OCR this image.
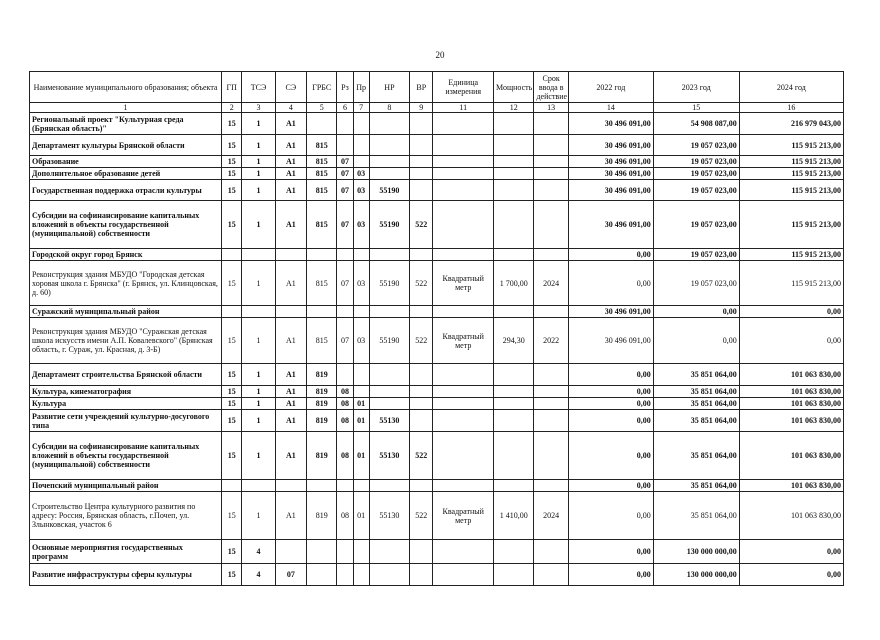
20
Наименование муниципального образования; объекта	ГП	ТСЭ	СЭ	ГРБС	Рз	Пр	НР	ВР	Единица измерения	Мощность	Срок ввода в действие	2022 год	2023 год	2024 год
1	2	3	4	5	6	7	8	9	11	12	13	14	15	16
Региональный проект "Культурная среда (Брянская область)"	15	1	А1									30 496 091,00	54 908 087,00	216 979 043,00
Департамент культуры Брянской области	15	1	А1	815								30 496 091,00	19 057 023,00	115 915 213,00
Образование	15	1	А1	815	07							30 496 091,00	19 057 023,00	115 915 213,00
Дополнительное образование детей	15	1	А1	815	07	03						30 496 091,00	19 057 023,00	115 915 213,00
Государственная поддержка отрасли культуры	15	1	А1	815	07	03	55190					30 496 091,00	19 057 023,00	115 915 213,00
Субсидии на софинансирование капитальных вложений в объекты государственной (муниципальной) собственности	15	1	А1	815	07	03	55190	522				30 496 091,00	19 057 023,00	115 915 213,00
Городской округ город Брянск												0,00	19 057 023,00	115 915 213,00
Реконструкция здания МБУДО "Городская детская хоровая школа г. Брянска" (г. Брянск, ул. Клинцовская, д. 60)	15	1	А1	815	07	03	55190	522	Квадратный метр	1 700,00	2024	0,00	19 057 023,00	115 915 213,00
Суражский муниципальный район												30 496 091,00	0,00	0,00
Реконструкция здания МБУДО "Суражская детская школа искусств имени А.П. Ковалевского" (Брянская область, г. Сураж, ул. Красная, д. 3-Б)	15	1	А1	815	07	03	55190	522	Квадратный метр	294,30	2022	30 496 091,00	0,00	0,00
Департамент строительства Брянской области	15	1	А1	819								0,00	35 851 064,00	101 063 830,00
Культура, кинематография	15	1	А1	819	08							0,00	35 851 064,00	101 063 830,00
Культура	15	1	А1	819	08	01						0,00	35 851 064,00	101 063 830,00
Развитие сети учреждений культурно-досугового типа	15	1	А1	819	08	01	55130					0,00	35 851 064,00	101 063 830,00
Субсидии на софинансирование капитальных вложений в объекты государственной (муниципальной) собственности	15	1	А1	819	08	01	55130	522				0,00	35 851 064,00	101 063 830,00
Почепский муниципальный район												0,00	35 851 064,00	101 063 830,00
Строительство Центра культурного развития по адресу: Россия, Брянская область, г.Почеп, ул. Злынковская, участок 6	15	1	А1	819	08	01	55130	522	Квадратный метр	1 410,00	2024	0,00	35 851 064,00	101 063 830,00
Основные мероприятия государственных программ	15	4										0,00	130 000 000,00	0,00
Развитие инфраструктуры сферы культуры	15	4	07									0,00	130 000 000,00	0,00
